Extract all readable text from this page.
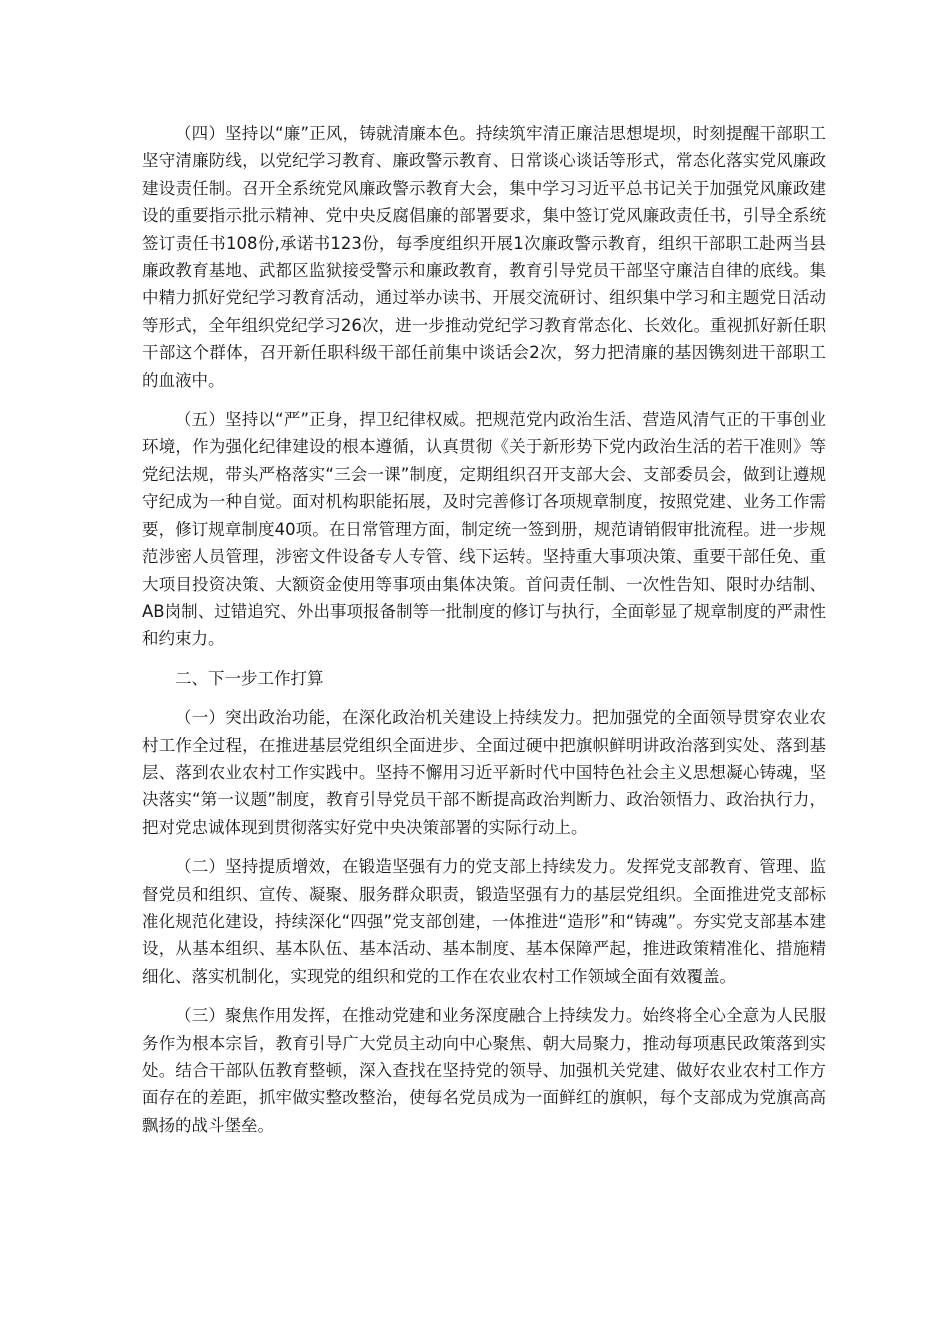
（四）坚持以“廉”正风，铸就清廉本色。持续筑牢清正廉洁思想堤坝，时刻提醒干部职工坚守清廉防线，以党纪学习教育、廉政警示教育、日常谈心谈话等形式，常态化落实党风廉政建设责任制。召开全系统党风廉政警示教育大会，集中学习习近平总书记关于加强党风廉政建设的重要指示批示精神、党中央反腐倡廉的部署要求，集中签订党风廉政责任书，引导全系统签订责任书108份,承诺书123份，每季度组织开展1次廉政警示教育，组织干部职工赴两当县廉政教育基地、武都区监狱接受警示和廉政教育，教育引导党员干部坚守廉洁自律的底线。集中精力抓好党纪学习教育活动，通过举办读书、开展交流研讨、组织集中学习和主题党日活动等形式，全年组织党纪学习26次，进一步推动党纪学习教育常态化、长效化。重视抓好新任职干部这个群体，召开新任职科级干部任前集中谈话会2次，努力把清廉的基因镌刻进干部职工的血液中。

（五）坚持以“严”正身，捍卫纪律权威。把规范党内政治生活、营造风清气正的干事创业环境，作为强化纪律建设的根本遵循，认真贯彻《关于新形势下党内政治生活的若干准则》等党纪法规，带头严格落实“三会一课”制度，定期组织召开支部大会、支部委员会，做到让遵规守纪成为一种自觉。面对机构职能拓展，及时完善修订各项规章制度，按照党建、业务工作需要，修订规章制度40项。在日常管理方面，制定统一签到册，规范请销假审批流程。进一步规范涉密人员管理，涉密文件设备专人专管、线下运转。坚持重大事项决策、重要干部任免、重大项目投资决策、大额资金使用等事项由集体决策。首问责任制、一次性告知、限时办结制、AB岗制、过错追究、外出事项报备制等一批制度的修订与执行，全面彰显了规章制度的严肃性和约束力。

二、下一步工作打算

（一）突出政治功能，在深化政治机关建设上持续发力。把加强党的全面领导贯穿农业农村工作全过程，在推进基层党组织全面进步、全面过硬中把旗帜鲜明讲政治落到实处、落到基层、落到农业农村工作实践中。坚持不懈用习近平新时代中国特色社会主义思想凝心铸魂，坚决落实“第一议题”制度，教育引导党员干部不断提高政治判断力、政治领悟力、政治执行力，把对党忠诚体现到贯彻落实好党中央决策部署的实际行动上。

（二）坚持提质增效，在锻造坚强有力的党支部上持续发力。发挥党支部教育、管理、监督党员和组织、宣传、凝聚、服务群众职责，锻造坚强有力的基层党组织。全面推进党支部标准化规范化建设，持续深化“四强”党支部创建，一体推进“造形”和“铸魂”。夯实党支部基本建设，从基本组织、基本队伍、基本活动、基本制度、基本保障严起，推进政策精准化、措施精细化、落实机制化，实现党的组织和党的工作在农业农村工作领域全面有效覆盖。

（三）聚焦作用发挥，在推动党建和业务深度融合上持续发力。始终将全心全意为人民服务作为根本宗旨，教育引导广大党员主动向中心聚焦、朝大局聚力，推动每项惠民政策落到实处。结合干部队伍教育整顿，深入查找在坚持党的领导、加强机关党建、做好农业农村工作方面存在的差距，抓牢做实整改整治，使每名党员成为一面鲜红的旗帜，每个支部成为党旗高高飘扬的战斗堡垒。
